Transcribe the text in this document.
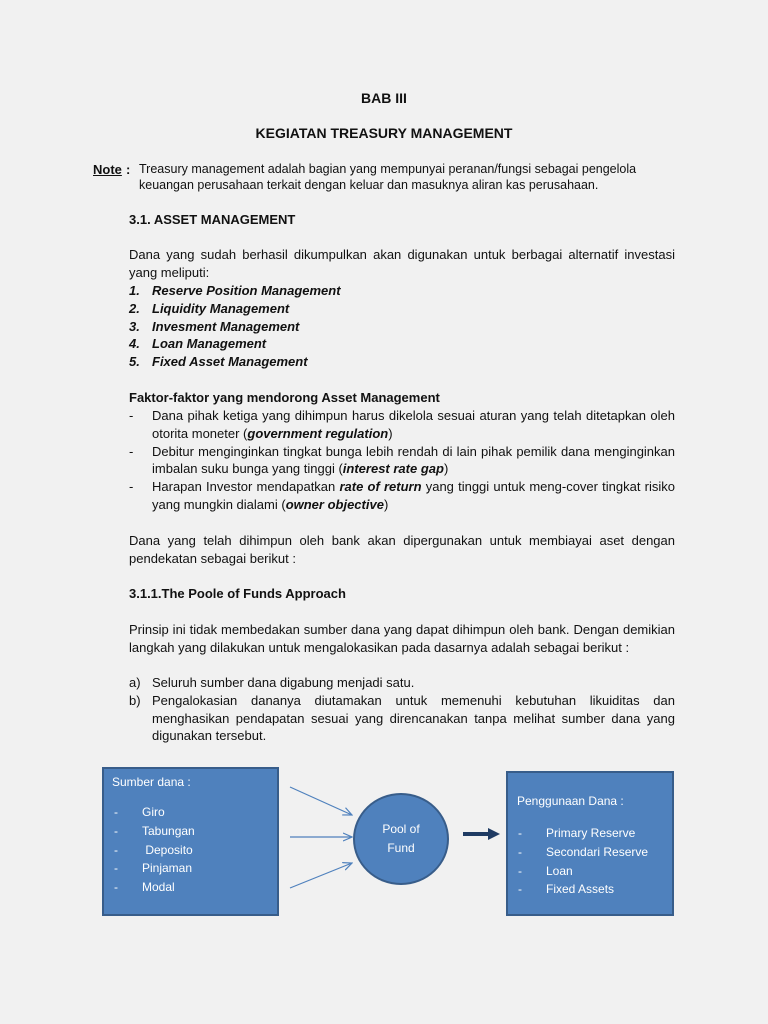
BAB III
KEGIATAN TREASURY MANAGEMENT
Note : Treasury management adalah bagian yang mempunyai peranan/fungsi sebagai pengelola
keuangan perusahaan terkait dengan keluar dan masuknya aliran kas perusahaan.
3.1. ASSET MANAGEMENT
Dana yang sudah berhasil dikumpulkan akan digunakan untuk berbagai alternatif investasi yang meliputi:
1. Reserve Position Management
2. Liquidity Management
3. Invesment Management
4. Loan Management
5. Fixed Asset Management
Faktor-faktor yang mendorong Asset Management
- Dana pihak ketiga yang dihimpun harus dikelola sesuai aturan yang telah ditetapkan oleh otorita moneter (government regulation)
- Debitur menginginkan tingkat bunga lebih rendah di lain pihak pemilik dana menginginkan imbalan suku bunga yang tinggi (interest rate gap)
- Harapan Investor mendapatkan rate of return yang tinggi untuk meng-cover tingkat risiko yang mungkin dialami (owner objective)
Dana yang telah dihimpun oleh bank akan dipergunakan untuk membiayai aset dengan pendekatan sebagai berikut :
3.1.1.The Poole of Funds Approach
Prinsip ini tidak membedakan sumber dana yang dapat dihimpun oleh bank. Dengan demikian langkah yang dilakukan untuk mengalokasikan pada dasarnya adalah sebagai berikut :
a) Seluruh sumber dana digabung menjadi satu.
b) Pengalokasian dananya diutamakan untuk memenuhi kebutuhan likuiditas dan menghasikan pendapatan sesuai yang direncanakan tanpa melihat sumber dana yang digunakan tersebut.
Sumber dana :
- Giro
- Tabungan
- Deposito
- Pinjaman
- Modal
Pool of
Fund
Penggunaan Dana :
- Primary Reserve
- Secondari Reserve
- Loan
- Fixed Assets
